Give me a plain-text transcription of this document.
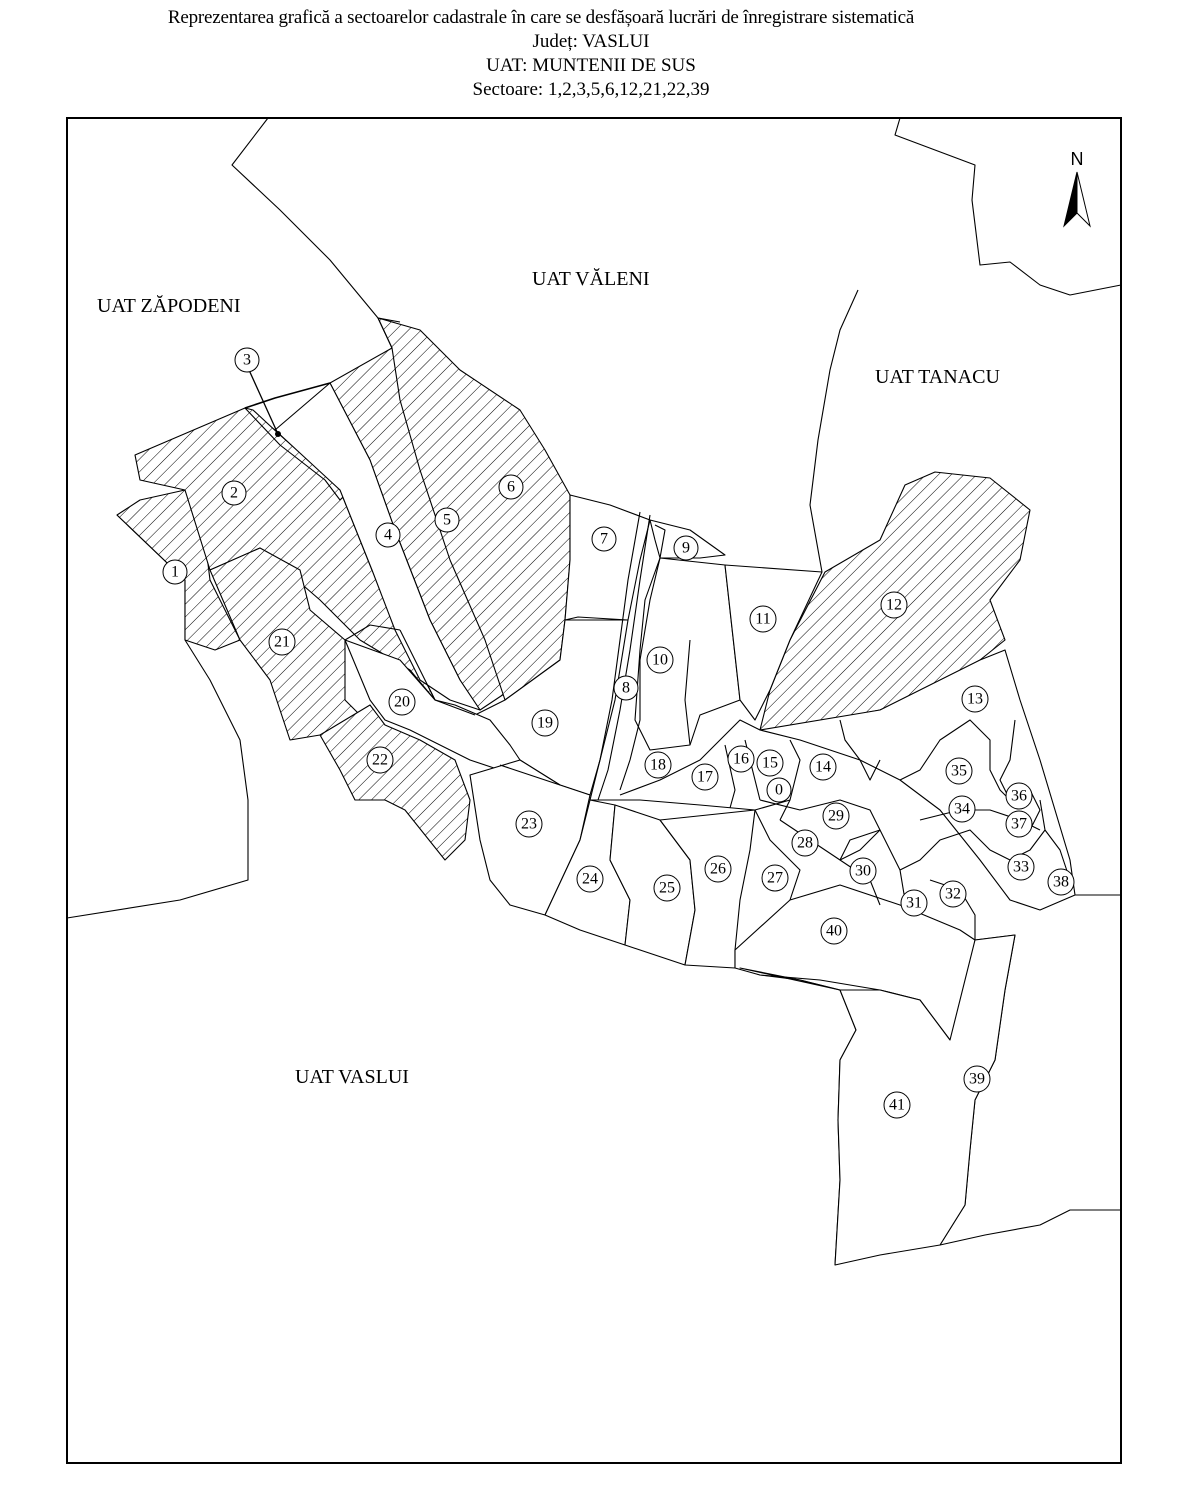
Reprezentarea grafică a sectoarelor cadastrale în care se desfășoară lucrări de înregistrare sistematică
Județ: VASLUI
UAT: MUNTENII DE SUS
Sectoare: 1,2,3,5,6,12,21,22,39
N
UAT ZĂPODENI
UAT VĂLENI
UAT TANACU
UAT VASLUI
0
1
2
3
4
5
6
7
8
9
10
11
12
13
14
15
16
17
18
19
20
21
22
23
24
25
26
27
28
29
30
31
32
33
34
35
36
37
38
39
40
41
